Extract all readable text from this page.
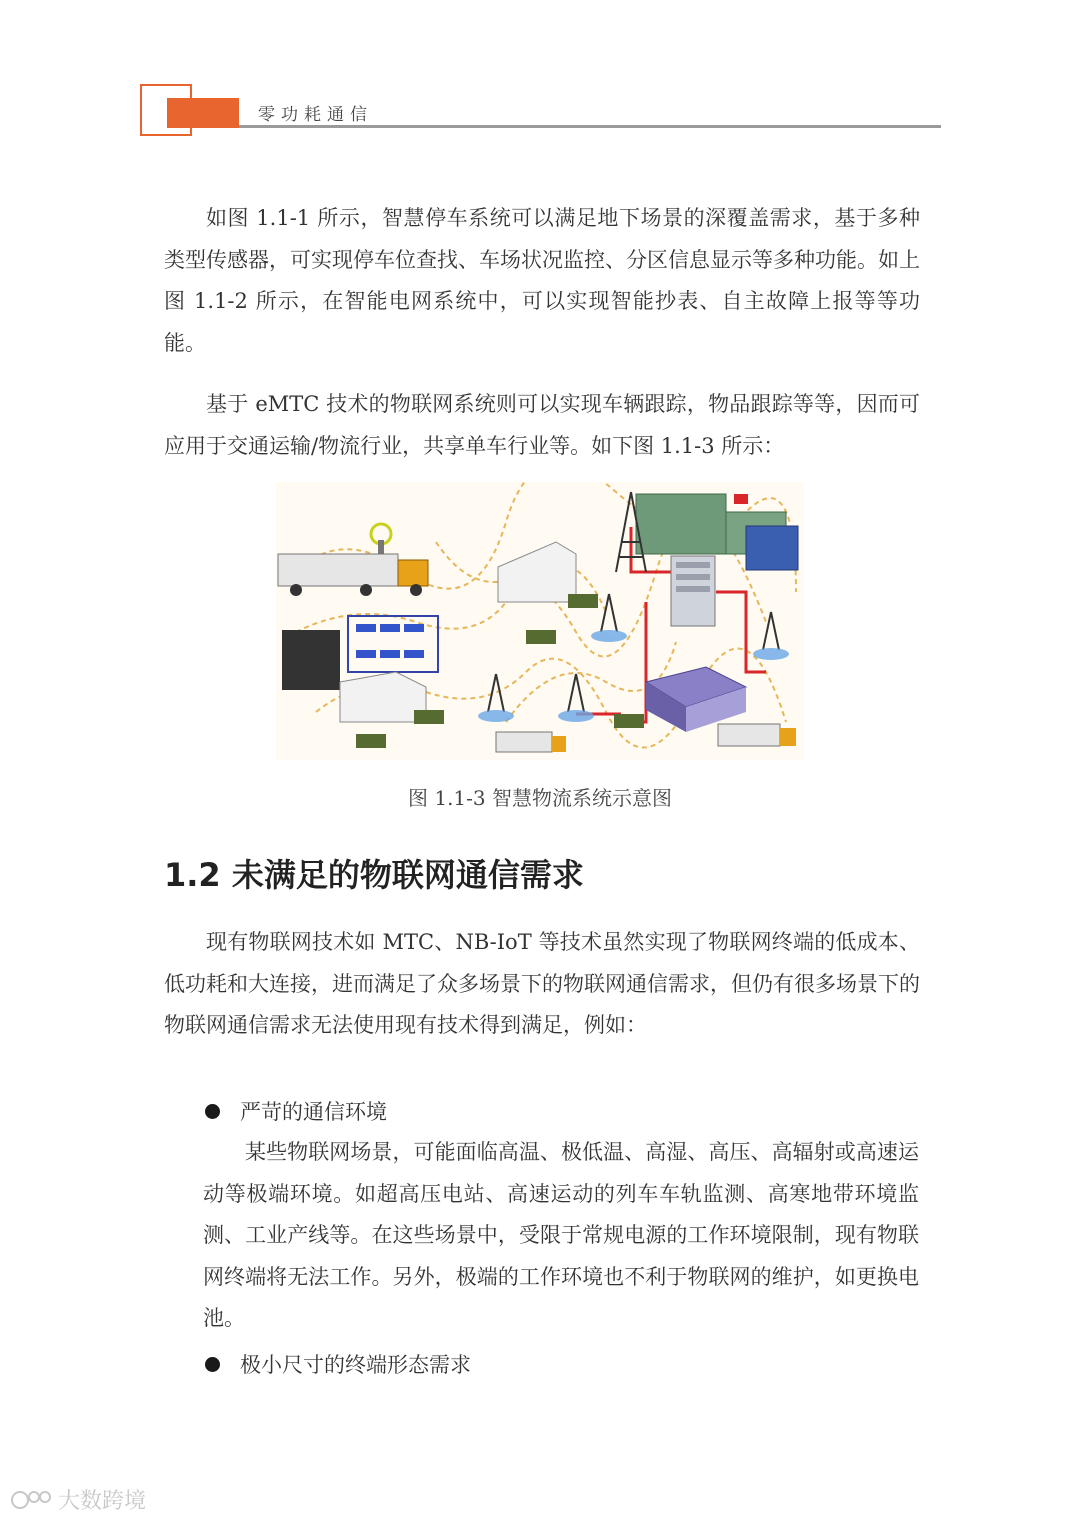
零功耗通信

如图 1.1-1 所示，智慧停车系统可以满足地下场景的深覆盖需求，基于多种类型传感器，可实现停车位查找、车场状况监控、分区信息显示等多种功能。如上图 1.1-2 所示，在智能电网系统中，可以实现智能抄表、自主故障上报等等功能。

基于 eMTC 技术的物联网系统则可以实现车辆跟踪，物品跟踪等等，因而可应用于交通运输/物流行业，共享单车行业等。如下图 1.1-3 所示：

图 1.1-3 智慧物流系统示意图
1.2 未满足的物联网通信需求

现有物联网技术如 MTC、NB-IoT 等技术虽然实现了物联网终端的低成本、低功耗和大连接，进而满足了众多场景下的物联网通信需求，但仍有很多场景下的物联网通信需求无法使用现有技术得到满足，例如：

严苛的通信环境

某些物联网场景，可能面临高温、极低温、高湿、高压、高辐射或高速运动等极端环境。如超高压电站、高速运动的列车车轨监测、高寒地带环境监测、工业产线等。在这些场景中，受限于常规电源的工作环境限制，现有物联网终端将无法工作。另外，极端的工作环境也不利于物联网的维护，如更换电池。

极小尺寸的终端形态需求
大数跨境
